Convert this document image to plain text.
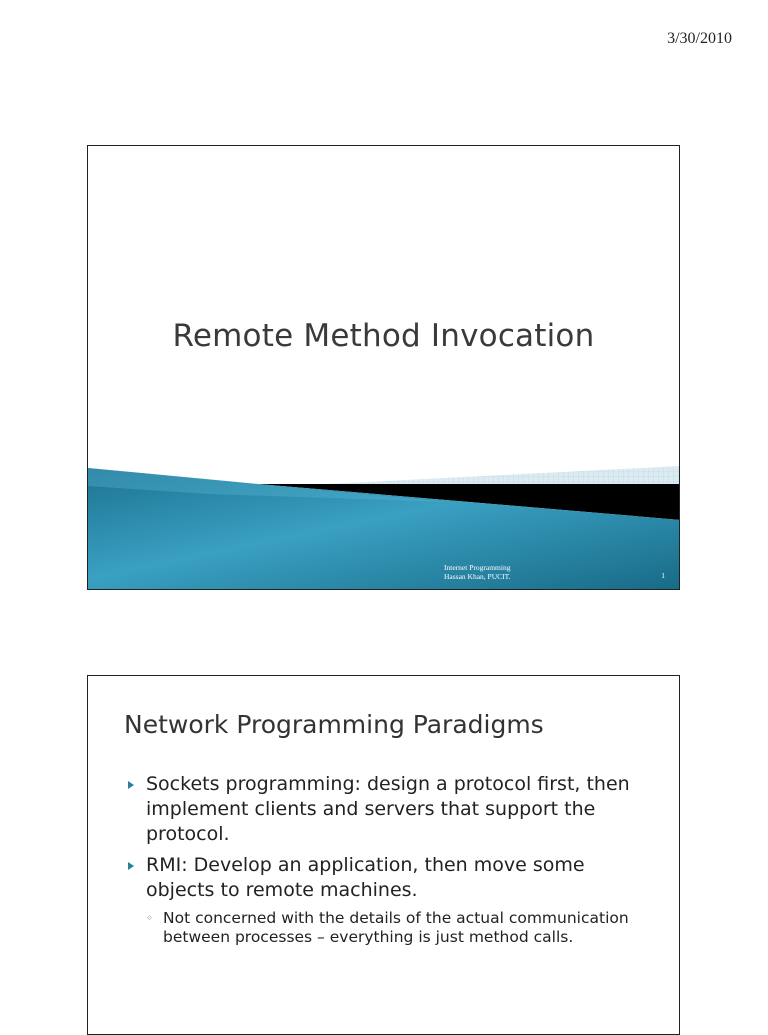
3/30/2010
Remote Method Invocation
Internet Programming
Hassan Khan, PUCIT.	1
Network Programming Paradigms
Sockets programming: design a protocol first, then implement clients and servers that support the protocol.
RMI: Develop an application, then move some objects to remote machines.
◦ Not concerned with the details of the actual communication between processes – everything is just method calls.
